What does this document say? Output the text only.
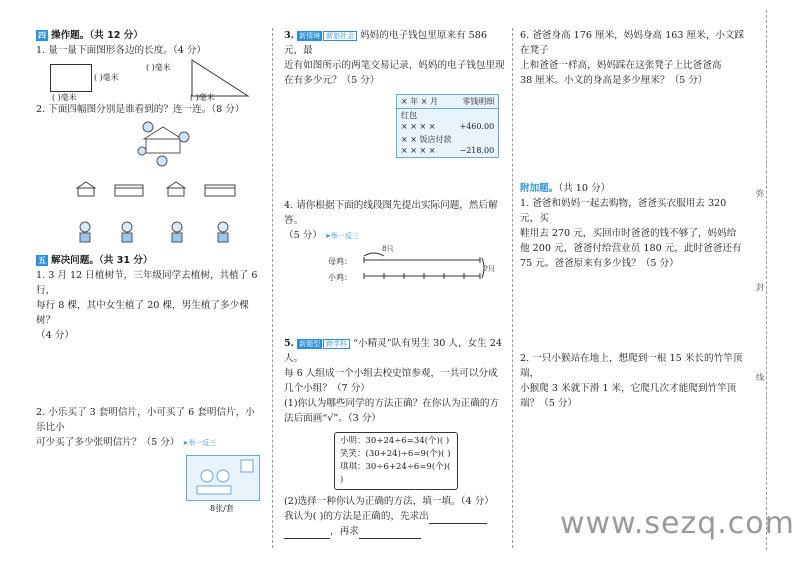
弥
封
线
四 操作题。（共 12 分）

1. 量一量下面图形各边的长度。（4 分）

( )毫米
( )毫米
( )毫米
( )毫米

2. 下面四幅图分别是谁看到的？连一连。（8 分）

五 解决问题。（共 31 分）

1. 3 月 12 日植树节，三年级同学去植树，共植了 6 行，

每行 8 棵，其中女生植了 20 棵，男生植了多少棵树？

（4 分）

2. 小乐买了 3 套明信片，小可买了 6 套明信片，小乐比小

可少买了多少张明信片？（5 分） ➤举一反三

8张/套

3. 新情境 新旅社会 妈妈的电子钱包里原来有 586 元，最

近有如图所示的两笔交易记录，妈妈的电子钱包里现

在有多少元？（5 分）

× 年 × 月	零钱明细
红包
× × × ×	+460.00
× × 饭店付款
× × × ×	−218.00

4. 请你根据下面的线段图先提出实际问题，然后解答。

（5 分） ➤举一反三

母鸡：
小鸡：
8只
?只

5. 新题型 跨学科 “小精灵”队有男生 30 人，女生 24 人。

每 6 人组成一个小组去校史馆参观，一共可以分成

几个小组？（7 分）

(1)你认为哪些同学的方法正确？在你认为正确的方

法后面画“√”。（3 分）

小明：30+24÷6=34(个)( )
笑笑：(30+24)÷6=9(个)( )
琪琪：30÷6+24÷6=9(个)( )

(2)选择一种你认为正确的方法，填一填。（4 分）

我认为( )的方法是正确的，先求出

，再求

6. 爸爸身高 176 厘米，妈妈身高 163 厘米，小文踩在凳子

上和爸爸一样高，妈妈踩在这张凳子上比爸爸高

38 厘米。小文的身高是多少厘米？（5 分）

附加题。（共 10 分）

1. 爸爸和妈妈一起去购物，爸爸买衣服用去 320 元，买

鞋用去 270 元，买回市时爸爸的钱不够了，妈妈给

他 200 元，爸爸付给营业员 180 元，此时爸爸还有

75 元。爸爸原来有多少钱？（5 分）

2. 一只小猴站在地上，想爬到一根 15 米长的竹竿顶端，

小猴爬 3 米就下滑 1 米，它爬几次才能爬到竹竿顶

端？（5 分）

www.sezq.com
